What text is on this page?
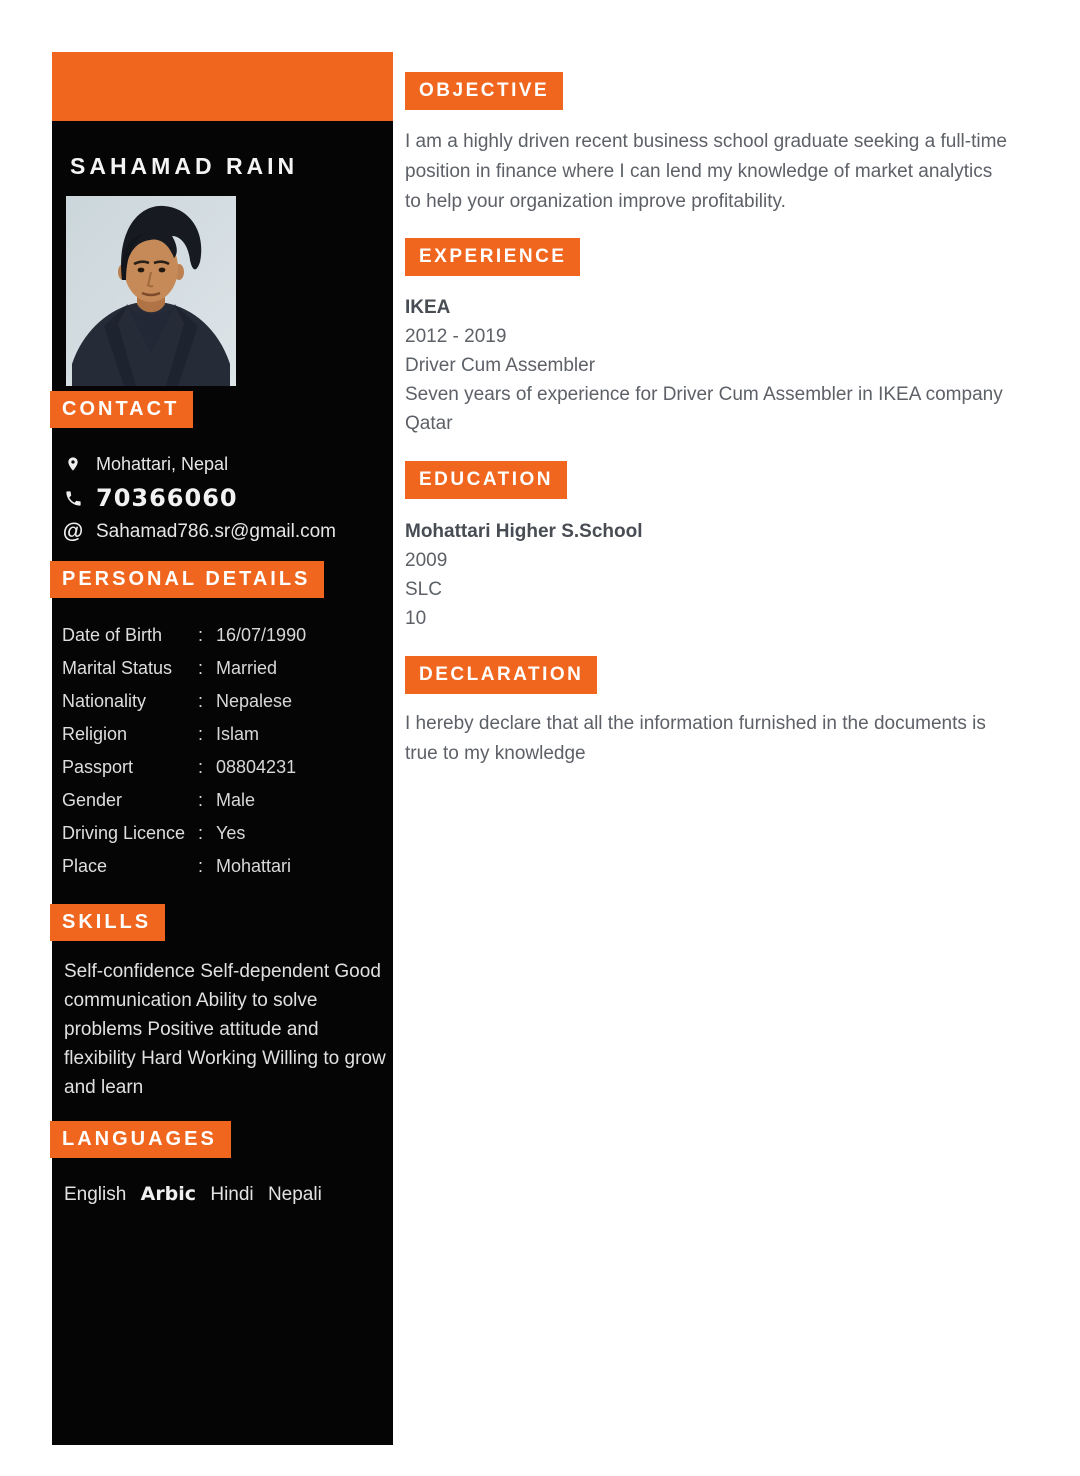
SAHAMAD RAIN
CONTACT
Mohattari, Nepal
70366060
@ Sahamad786.sr@gmail.com
PERSONAL DETAILS
Date of Birth	: 16/07/1990
Marital Status	: Married
Nationality	: Nepalese
Religion	: Islam
Passport	: 08804231
Gender	: Male
Driving Licence : Yes
Place	: Mohattari
SKILLS

Self-confidence Self-dependent Good communication Ability to solve problems Positive attitude and flexibility Hard Working Willing to grow and learn

LANGUAGES
English Arbic Hindi Nepali
OBJECTIVE

I am a highly driven recent business school graduate seeking a full-time position in finance where I can lend my knowledge of market analytics to help your organization improve profitability.

EXPERIENCE
IKEA
2012 - 2019
Driver Cum Assembler
Seven years of experience for Driver Cum Assembler in IKEA company Qatar
EDUCATION
Mohattari Higher S.School
2009
SLC
10
DECLARATION

I hereby declare that all the information furnished in the documents is true to my knowledge
